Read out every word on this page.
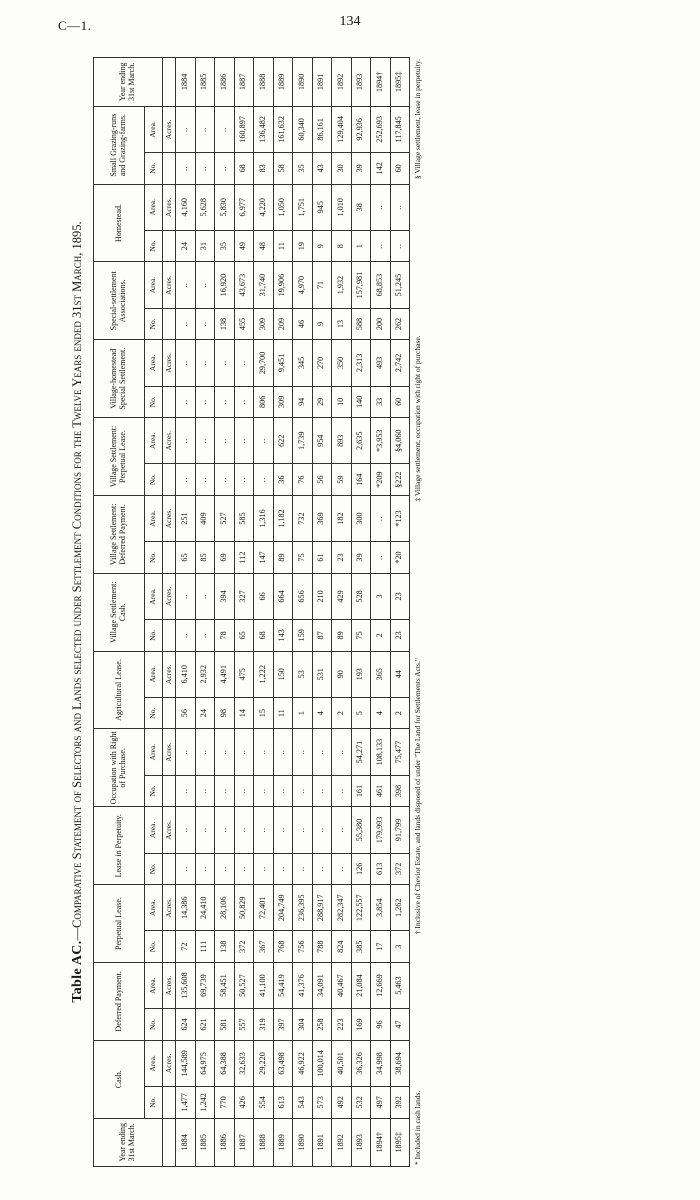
C—1.	134
Table AC.—Comparative Statement of Selectors and Lands selected under Settlement Conditions for the Twelve Years ended 31st March, 1895.
Year ending 31st March.	Cash.		Deferred Payment.		Perpetual Lease.		Lease in Perpetuity.		Occupation with Right of Purchase.		Agricultural Lease.		Village Settlement: Cash.		Village Settlement: Deferred Payment.		Village Settlement: Perpetual Lease.		Village-homestead Special Settlement.		Special-settlement Associations.		Homestead.		Small Grazing-runs and Grazing-farms.		Year ending 31st March.
	No.	Area.	No.	Area.	No.	Area.	No.	Area.	No.	Area.	No.	Area.	No.	Area.	No.	Area.	No.	Area.	No.	Area.	No.	Area.	No.	Area.	No.	Area.	
		Acres.		Acres.		Acres.		Acres.		Acres.		Acres.		Acres.		Acres.		Acres.		Acres.		Acres.		Acres.		Acres.	
1884	1,477	144,589	624	135,608	72	14,386	..	..	..	..	56	6,410	..	..	65	251	..	..	..	..	..	..	24	4,160	..	..	1884
1885	1,242	64,975	621	69,739	111	24,410	..	..	..	..	24	2,932	..	..	85	409	..	..	..	..	..	..	31	5,628	..	..	1885
1886	770	64,388	581	58,451	138	28,106	..	..	..	..	98	4,491	78	394	69	527	..	..	..	..	138	16,920	35	5,830	..	..	1886
1887	426	32,633	557	50,527	372	50,829	..	..	..	..	14	475	65	327	112	585	..	..	..	..	455	43,673	49	6,977	68	160,897	1887
1888	554	29,220	319	41,100	367	72,401	..	..	..	..	15	1,222	68	66	147	1,316	..	..	806	29,700	309	31,740	48	4,220	83	136,482	1888
1889	613	63,498	397	54,419	768	204,749	..	..	..	..	11	150	143	664	89	1,182	36	622	309	9,451	209	19,906	11	1,050	58	161,632	1889
1890	543	46,922	304	41,376	756	236,395	..	..	..	..	1	53	159	656	75	732	76	1,739	94	345	46	4,970	19	1,751	35	60,340	1890
1891	573	100,014	258	34,091	788	288,917	..	..	..	..	4	531	87	210	61	369	56	954	29	270	9	71	9	945	43	86,161	1891
1892	492	40,501	223	40,467	824	282,347	..	..	..	..	2	90	89	429	23	182	59	893	10	350	13	1,932	8	1,010	30	129,404	1892
1893	532	36,326	169	21,084	385	122,557	126	55,380	161	54,271	5	193	75	528	39	300	164	2,635	140	2,313	588	157,981	1	38	39	92,936	1893
1894†	497	34,998	96	12,669	17	3,854	613	179,993	461	108,133	4	365	2	3	..	..	*209	*3,953	33	493	200	68,853	..	..	142	252,693	1894†
1895‡	392	38,694	47	5,463	3	1,262	372	91,799	398	75,477	2	44	23	23	*20	*123	§222	§4,060	60	2,742	262	51,245	..	..	60	117,845	1895‡
* Included in cash lands.
† Inclusive of Cheviot Estate, and lands disposed of under "The Land for Settlements Acts."
‡ Village settlement, occupation with right of purchase.
§ Village settlement, lease in perpetuity.
